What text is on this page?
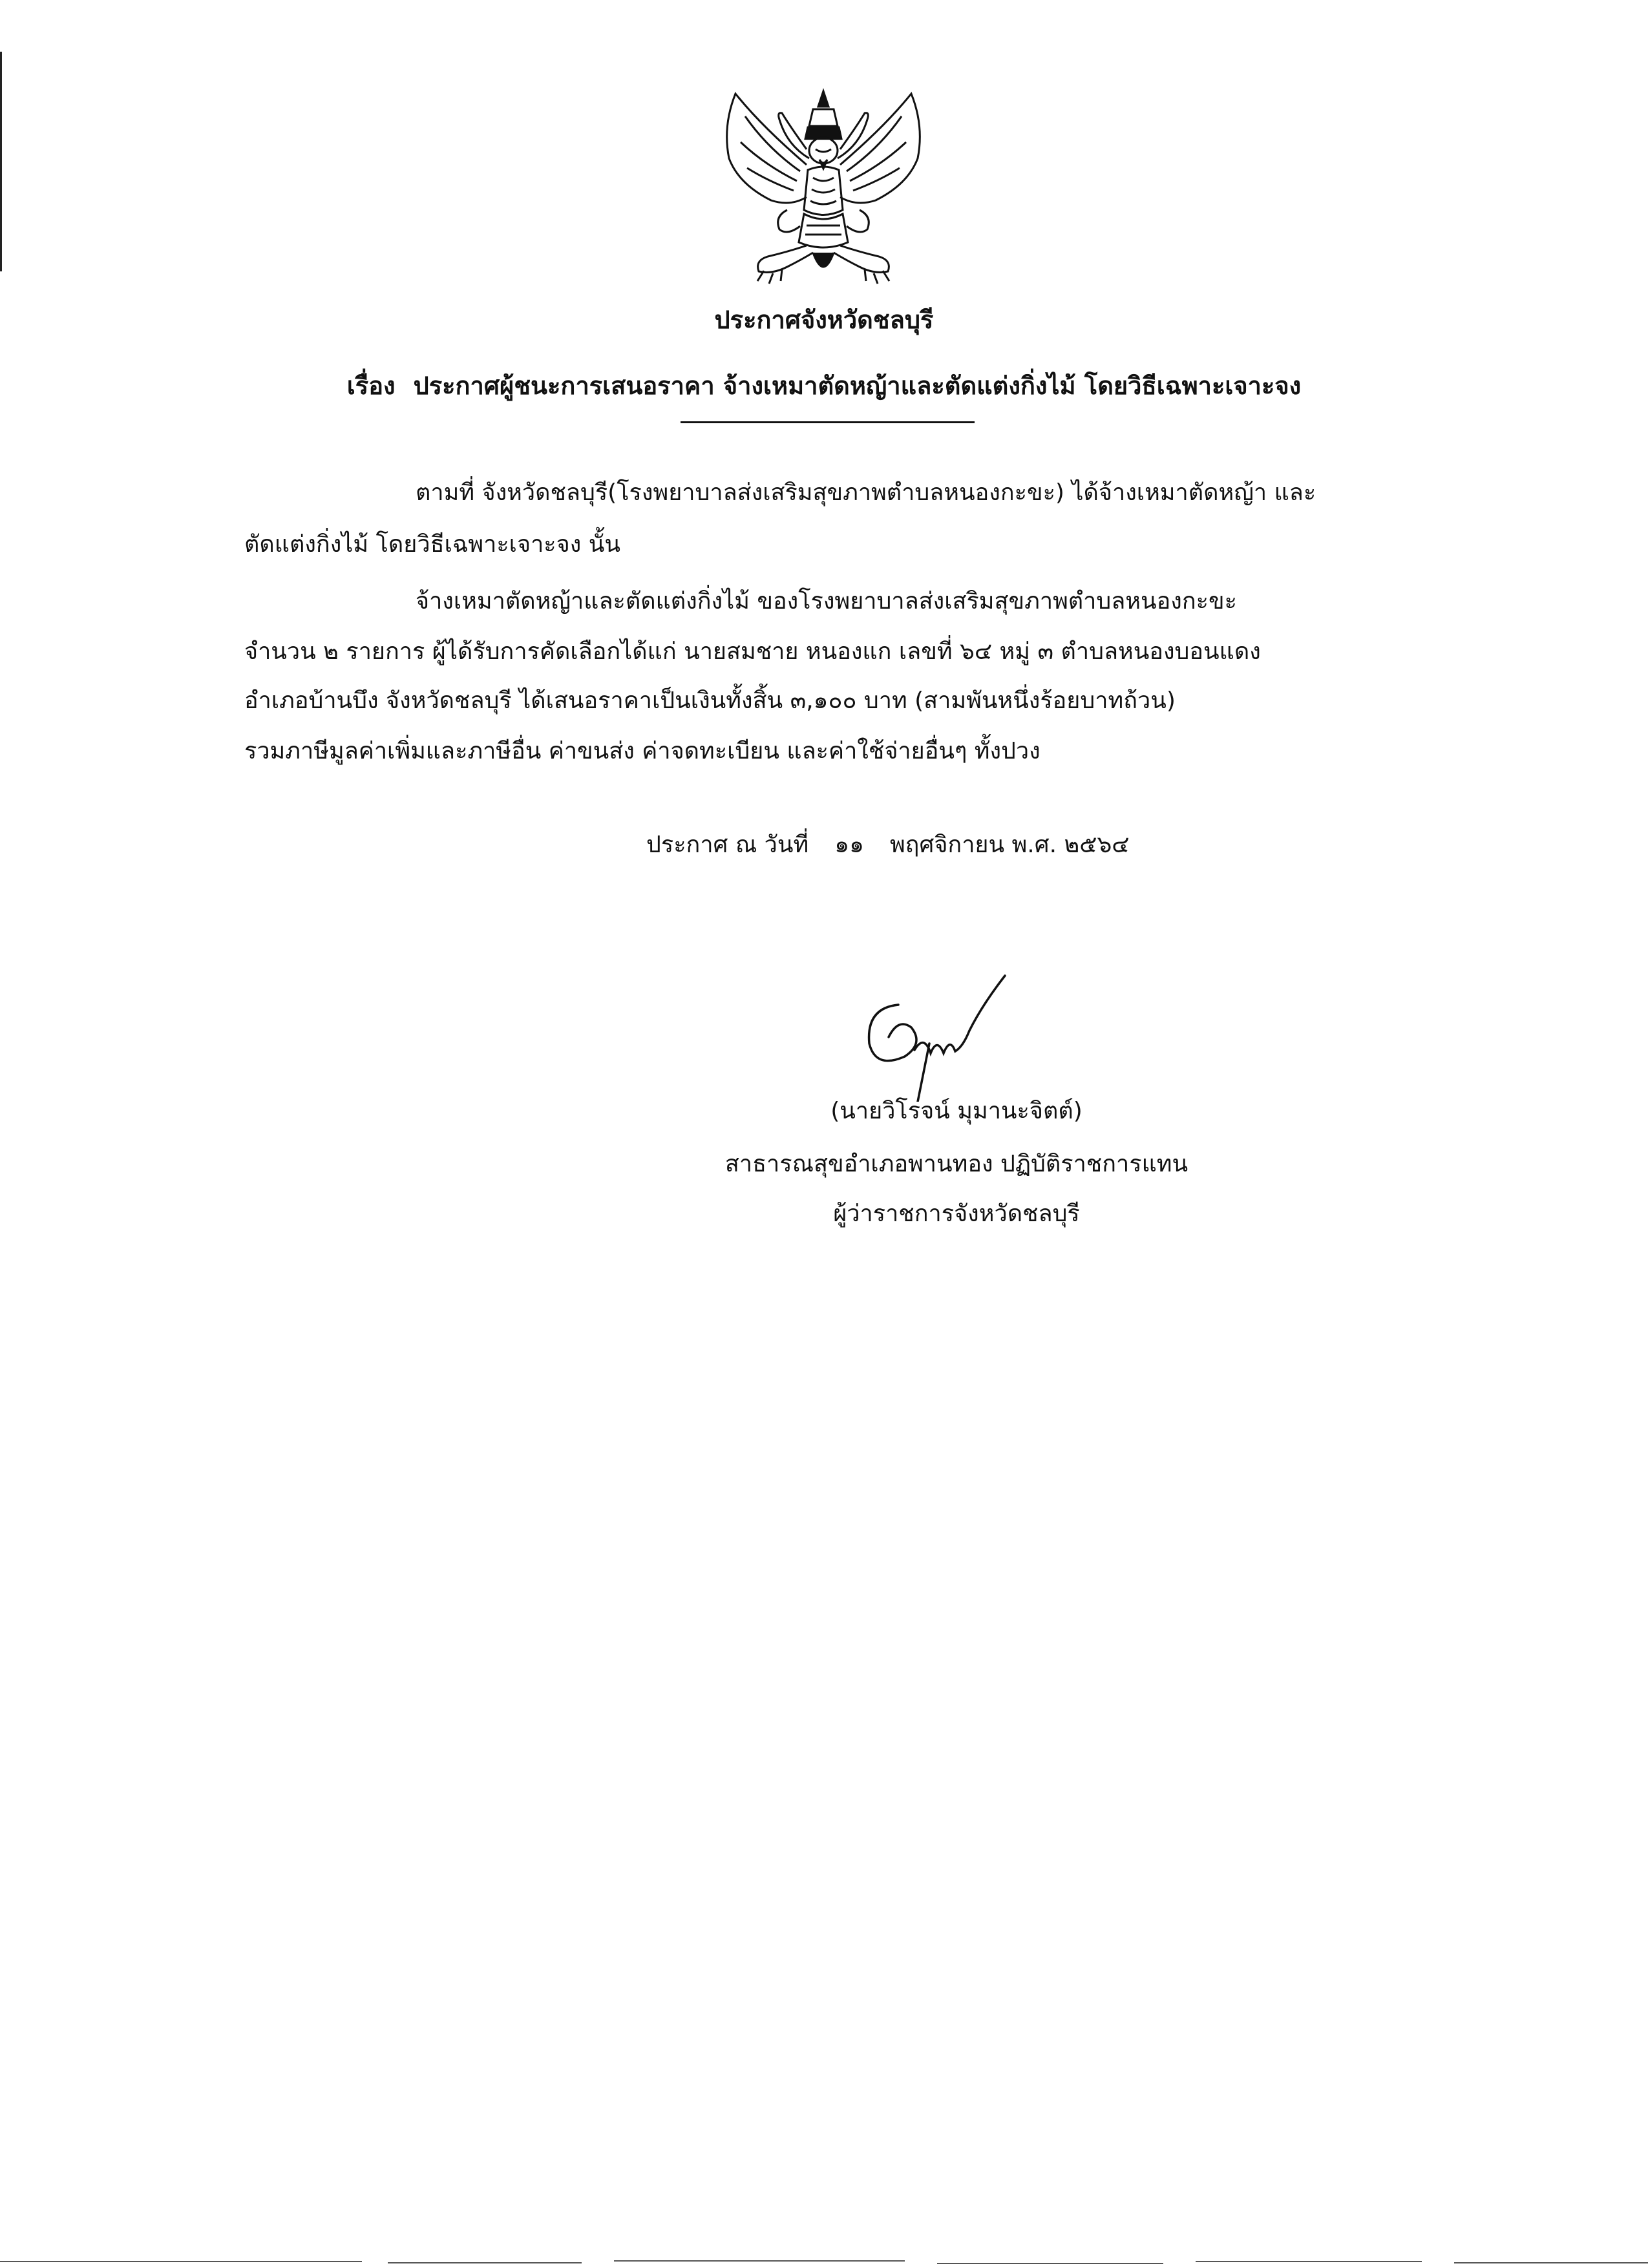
ประกาศจังหวัดชลบุรี
เรื่อง ประกาศผู้ชนะการเสนอราคา จ้างเหมาตัดหญ้าและตัดแต่งกิ่งไม้ โดยวิธีเฉพาะเจาะจง
ตามที่ จังหวัดชลบุรี(โรงพยาบาลส่งเสริมสุขภาพตำบลหนองกะขะ) ได้จ้างเหมาตัดหญ้า และ
ตัดแต่งกิ่งไม้ โดยวิธีเฉพาะเจาะจง นั้น
จ้างเหมาตัดหญ้าและตัดแต่งกิ่งไม้ ของโรงพยาบาลส่งเสริมสุขภาพตำบลหนองกะขะ
จำนวน ๒ รายการ ผู้ได้รับการคัดเลือกได้แก่ นายสมชาย หนองแก เลขที่ ๖๔ หมู่ ๓ ตำบลหนองบอนแดง
อำเภอบ้านบึง จังหวัดชลบุรี ได้เสนอราคาเป็นเงินทั้งสิ้น ๓,๑๐๐ บาท (สามพันหนึ่งร้อยบาทถ้วน)
รวมภาษีมูลค่าเพิ่มและภาษีอื่น ค่าขนส่ง ค่าจดทะเบียน และค่าใช้จ่ายอื่นๆ ทั้งปวง
ประกาศ ณ วันที่ ๑๑ พฤศจิกายน พ.ศ. ๒๕๖๔
(นายวิโรจน์ มุมานะจิตต์)
สาธารณสุขอำเภอพานทอง ปฏิบัติราชการแทน
ผู้ว่าราชการจังหวัดชลบุรี
